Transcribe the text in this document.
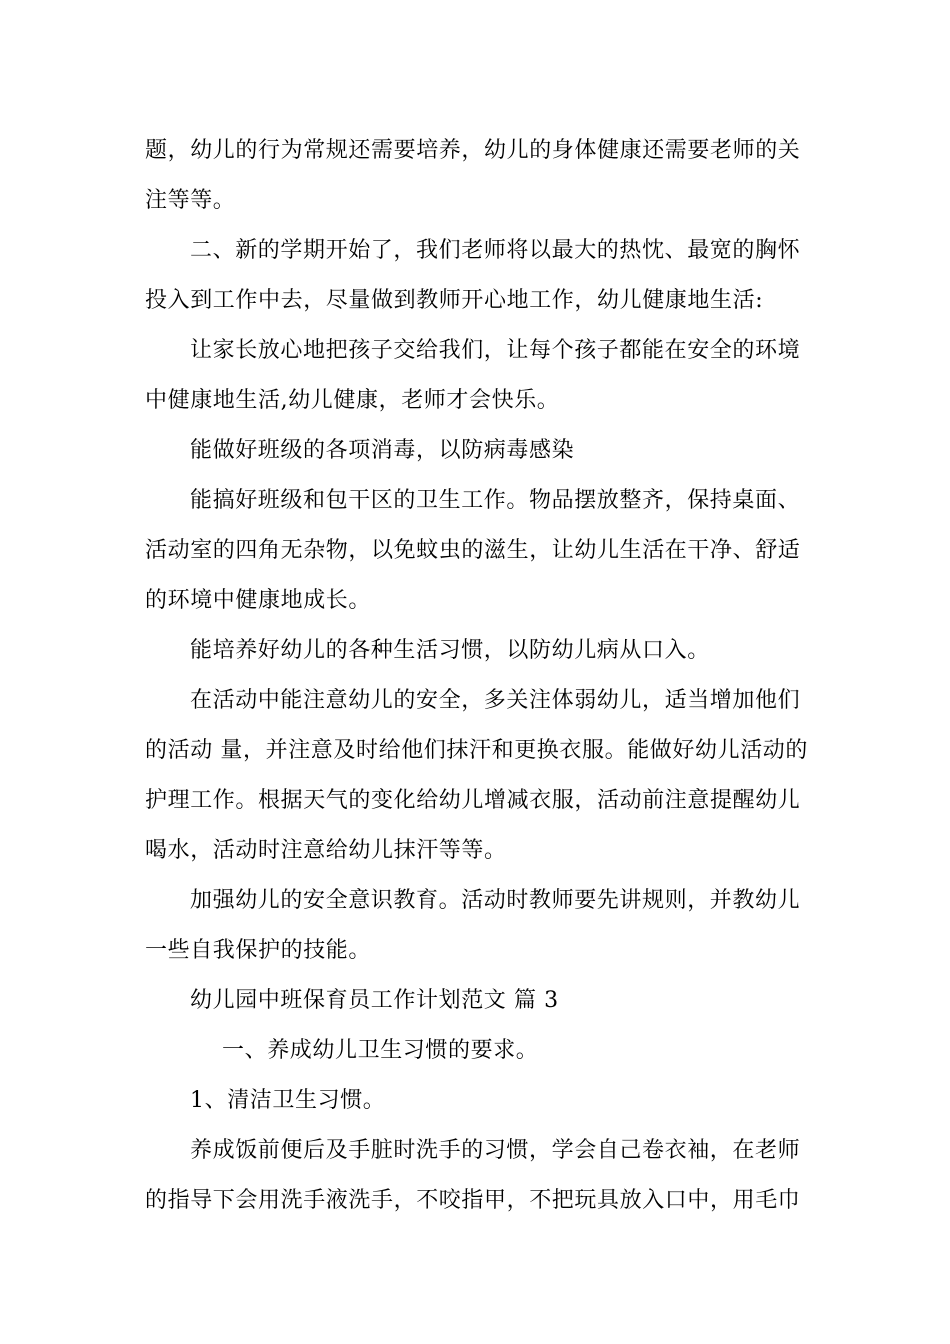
题，幼儿的行为常规还需要培养，幼儿的身体健康还需要老师的关
注等等。
二、新的学期开始了，我们老师将以最大的热忱、最宽的胸怀
投入到工作中去，尽量做到教师开心地工作，幼儿健康地生活:
让家长放心地把孩子交给我们，让每个孩子都能在安全的环境
中健康地生活,幼儿健康，老师才会快乐。
能做好班级的各项消毒，以防病毒感染
能搞好班级和包干区的卫生工作。物品摆放整齐，保持桌面、
活动室的四角无杂物，以免蚊虫的滋生，让幼儿生活在干净、舒适
的环境中健康地成长。
能培养好幼儿的各种生活习惯，以防幼儿病从口入。
在活动中能注意幼儿的安全，多关注体弱幼儿，适当增加他们
的活动 量，并注意及时给他们抹汗和更换衣服。能做好幼儿活动的
护理工作。根据天气的变化给幼儿增减衣服，活动前注意提醒幼儿
喝水，活动时注意给幼儿抹汗等等。
加强幼儿的安全意识教育。活动时教师要先讲规则，并教幼儿
一些自我保护的技能。
幼儿园中班保育员工作计划范文 篇 3
一、养成幼儿卫生习惯的要求。
1、清洁卫生习惯。
养成饭前便后及手脏时洗手的习惯，学会自己卷衣袖，在老师
的指导下会用洗手液洗手，不咬指甲，不把玩具放入口中，用毛巾
